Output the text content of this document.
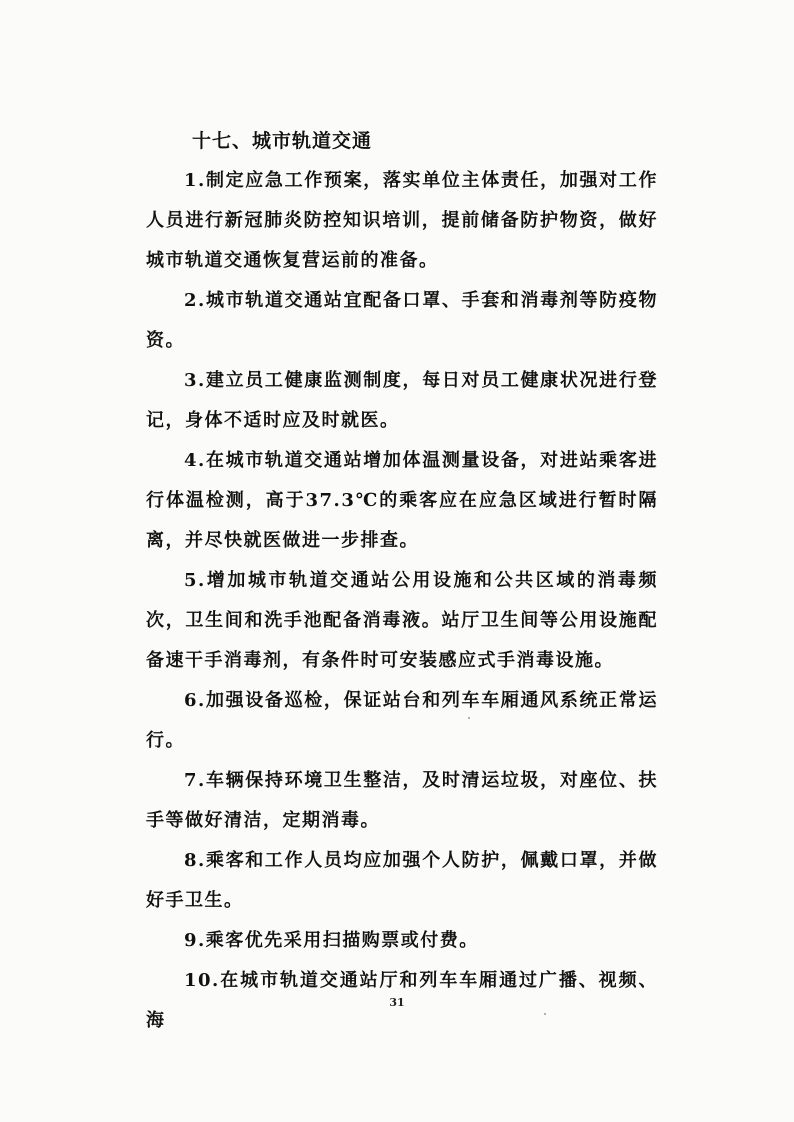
十七、城市轨道交通

1.制定应急工作预案，落实单位主体责任，加强对工作人员进行新冠肺炎防控知识培训，提前储备防护物资，做好城市轨道交通恢复营运前的准备。

2.城市轨道交通站宜配备口罩、手套和消毒剂等防疫物资。

3.建立员工健康监测制度，每日对员工健康状况进行登记，身体不适时应及时就医。

4.在城市轨道交通站增加体温测量设备，对进站乘客进行体温检测，高于37.3℃的乘客应在应急区域进行暂时隔离，并尽快就医做进一步排查。

5.增加城市轨道交通站公用设施和公共区域的消毒频次，卫生间和洗手池配备消毒液。站厅卫生间等公用设施配备速干手消毒剂，有条件时可安装感应式手消毒设施。

6.加强设备巡检，保证站台和列车车厢通风系统正常运行。

7.车辆保持环境卫生整洁，及时清运垃圾，对座位、扶手等做好清洁，定期消毒。

8.乘客和工作人员均应加强个人防护，佩戴口罩，并做好手卫生。

9.乘客优先采用扫描购票或付费。

10.在城市轨道交通站厅和列车车厢通过广播、视频、海

31
